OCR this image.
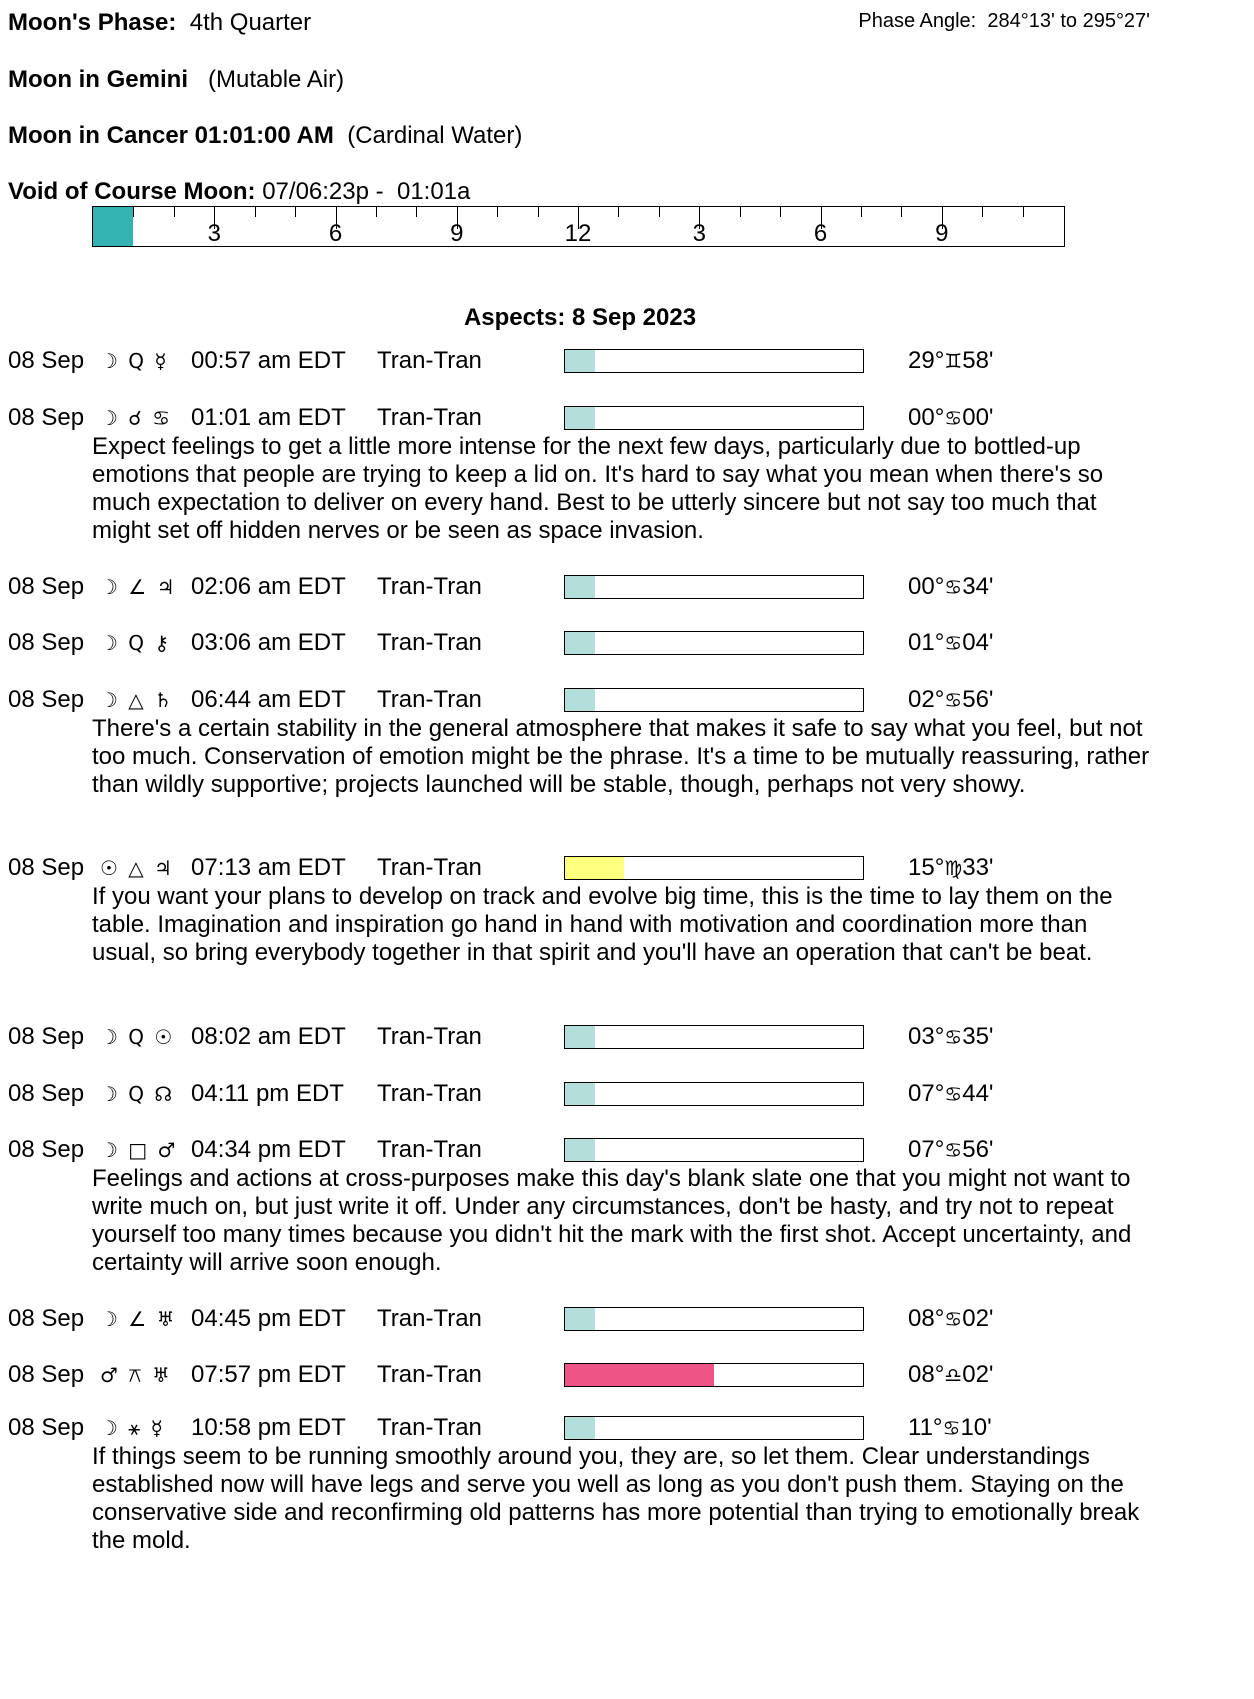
Moon's Phase: 4th Quarter	Phase Angle:  284°13' to 295°27'
Moon in Gemini (Mutable Air)
Moon in Cancer 01:01:00 AM (Cardinal Water)
Void of Course Moon: 07/06:23p -  01:01a
3	6	9	12	3	6	9
Aspects: 8 Sep 2023
08 Sep ☽ Q ☿ 00:57 am EDT Tran-Tran	29°♊58'
08 Sep ☽ ☌ ♋ 01:01 am EDT Tran-Tran	00°♋00'
Expect feelings to get a little more intense for the next few days, particularly due to bottled-up emotions that people are trying to keep a lid on. It's hard to say what you mean when there's so much expectation to deliver on every hand. Best to be utterly sincere but not say too much that might set off hidden nerves or be seen as space invasion.
08 Sep ☽ ∠ ♃ 02:06 am EDT Tran-Tran	00°♋34'
08 Sep ☽ Q ⚷ 03:06 am EDT Tran-Tran	01°♋04'
08 Sep ☽ △ ♄ 06:44 am EDT Tran-Tran	02°♋56'
There's a certain stability in the general atmosphere that makes it safe to say what you feel, but not too much. Conservation of emotion might be the phrase. It's a time to be mutually reassuring, rather than wildly supportive; projects launched will be stable, though, perhaps not very showy.
08 Sep ☉ △ ♃ 07:13 am EDT Tran-Tran	15°♍33'
If you want your plans to develop on track and evolve big time, this is the time to lay them on the table. Imagination and inspiration go hand in hand with motivation and coordination more than usual, so bring everybody together in that spirit and you'll have an operation that can't be beat.
08 Sep ☽ Q ☉ 08:02 am EDT Tran-Tran	03°♋35'
08 Sep ☽ Q ☊ 04:11 pm EDT Tran-Tran	07°♋44'
08 Sep ☽ □ ♂ 04:34 pm EDT Tran-Tran	07°♋56'
Feelings and actions at cross-purposes make this day's blank slate one that you might not want to write much on, but just write it off. Under any circumstances, don't be hasty, and try not to repeat yourself too many times because you didn't hit the mark with the first shot. Accept uncertainty, and certainty will arrive soon enough.
08 Sep ☽ ∠ ♅ 04:45 pm EDT Tran-Tran	08°♋02'
08 Sep ♂ ⚻ ♅ 07:57 pm EDT Tran-Tran	08°♎02'
08 Sep ☽ ⚹ ☿ 10:58 pm EDT Tran-Tran	11°♋10'
If things seem to be running smoothly around you, they are, so let them. Clear understandings established now will have legs and serve you well as long as you don't push them. Staying on the conservative side and reconfirming old patterns has more potential than trying to emotionally break the mold.
